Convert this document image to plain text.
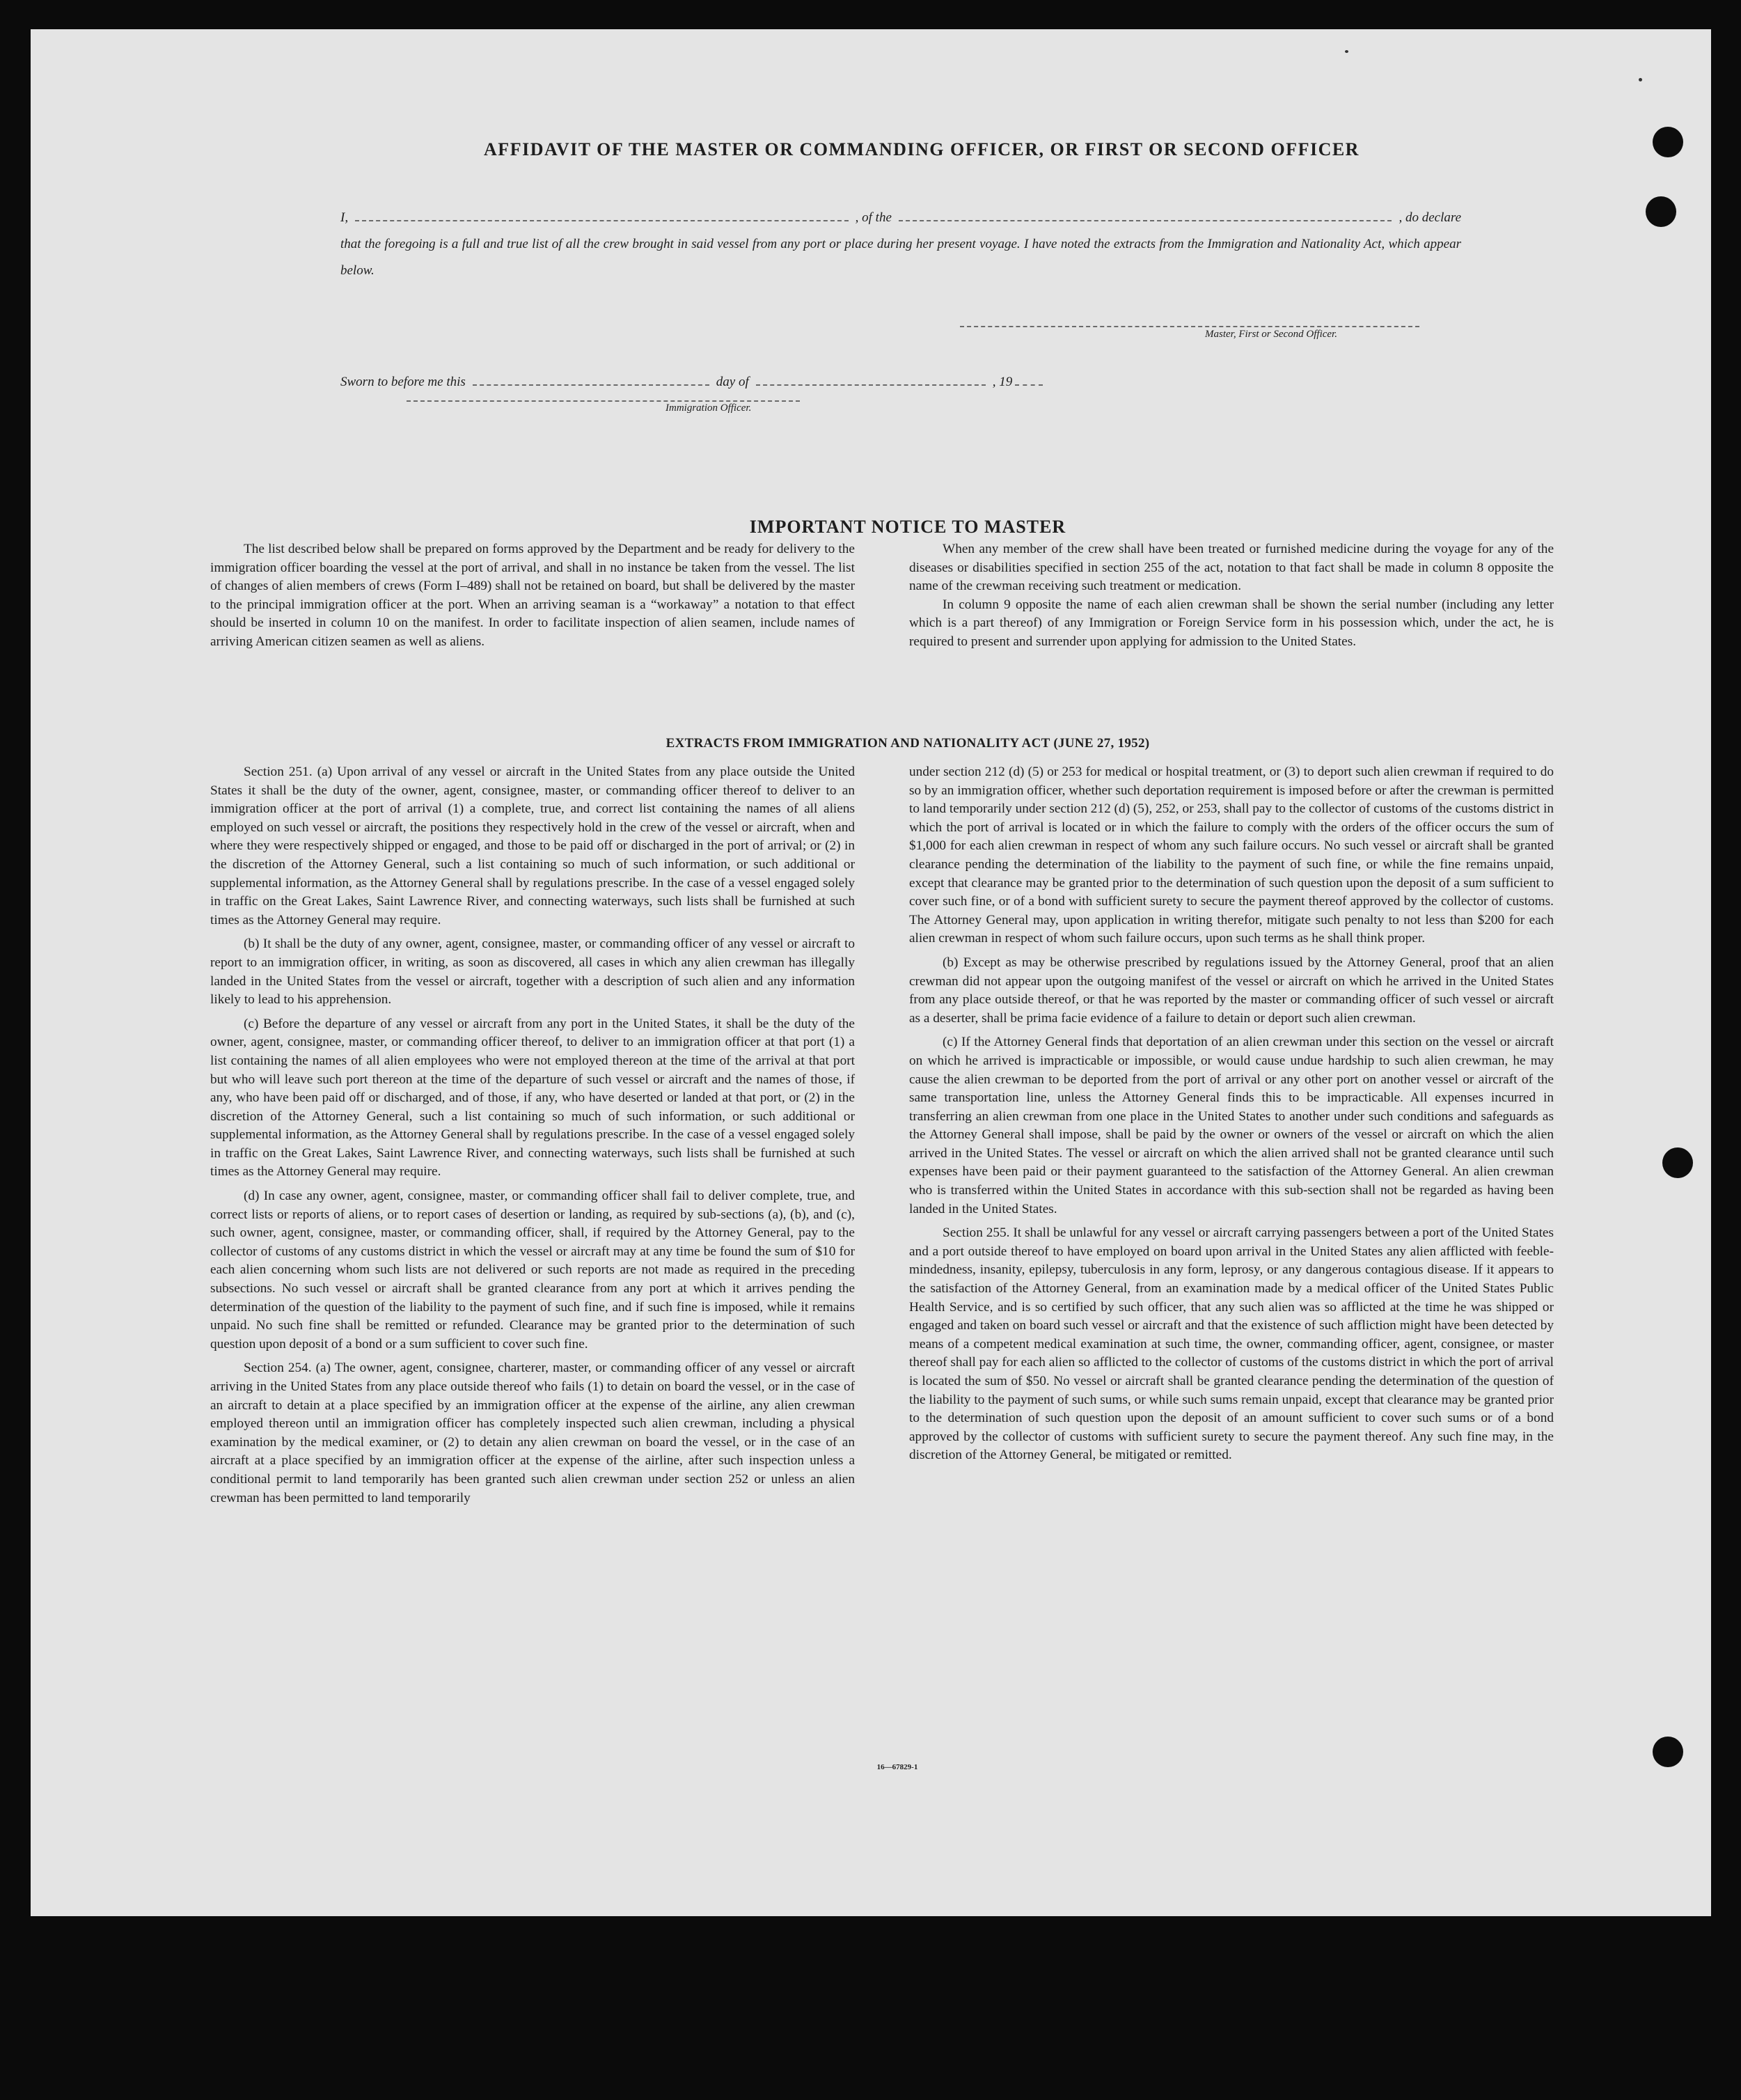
AFFIDAVIT OF THE MASTER OR COMMANDING OFFICER, OR FIRST OR SECOND OFFICER
I,	, of the	, do declare
that the foregoing is a full and true list of all the crew brought in said vessel from any port or place during her present voyage. I have noted the extracts from the Immigration and Nationality Act, which appear below.
Master, First or Second Officer.
Sworn to before me this	day of	, 19
Immigration Officer.
IMPORTANT NOTICE TO MASTER

The list described below shall be prepared on forms approved by the Department and be ready for delivery to the immigration officer boarding the vessel at the port of arrival, and shall in no instance be taken from the vessel. The list of changes of alien members of crews (Form I–489) shall not be retained on board, but shall be delivered by the master to the principal immigration officer at the port. When an arriving seaman is a “workaway” a notation to that effect should be inserted in column 10 on the manifest. In order to facilitate inspection of alien seamen, include names of arriving American citizen seamen as well as aliens.

When any member of the crew shall have been treated or furnished medicine during the voyage for any of the diseases or disabilities specified in section 255 of the act, notation to that fact shall be made in column 8 opposite the name of the crewman receiving such treatment or medication.

In column 9 opposite the name of each alien crewman shall be shown the serial number (including any letter which is a part thereof) of any Immigration or Foreign Service form in his possession which, under the act, he is required to present and surrender upon applying for admission to the United States.

EXTRACTS FROM IMMIGRATION AND NATIONALITY ACT (JUNE 27, 1952)

Section 251. (a) Upon arrival of any vessel or aircraft in the United States from any place outside the United States it shall be the duty of the owner, agent, consignee, master, or commanding officer thereof to deliver to an immigration officer at the port of arrival (1) a complete, true, and correct list containing the names of all aliens employed on such vessel or aircraft, the positions they respectively hold in the crew of the vessel or aircraft, when and where they were respectively shipped or engaged, and those to be paid off or discharged in the port of arrival; or (2) in the discretion of the Attorney General, such a list containing so much of such information, or such additional or supplemental information, as the Attorney General shall by regulations prescribe. In the case of a vessel engaged solely in traffic on the Great Lakes, Saint Lawrence River, and connecting waterways, such lists shall be furnished at such times as the Attorney General may require.

(b) It shall be the duty of any owner, agent, consignee, master, or commanding officer of any vessel or aircraft to report to an immigration officer, in writing, as soon as discovered, all cases in which any alien crewman has illegally landed in the United States from the vessel or aircraft, together with a description of such alien and any information likely to lead to his apprehension.

(c) Before the departure of any vessel or aircraft from any port in the United States, it shall be the duty of the owner, agent, consignee, master, or commanding officer thereof, to deliver to an immigration officer at that port (1) a list containing the names of all alien employees who were not employed thereon at the time of the arrival at that port but who will leave such port thereon at the time of the departure of such vessel or aircraft and the names of those, if any, who have been paid off or discharged, and of those, if any, who have deserted or landed at that port, or (2) in the discretion of the Attorney General, such a list containing so much of such information, or such additional or supplemental information, as the Attorney General shall by regulations prescribe. In the case of a vessel engaged solely in traffic on the Great Lakes, Saint Lawrence River, and connecting waterways, such lists shall be furnished at such times as the Attorney General may require.

(d) In case any owner, agent, consignee, master, or commanding officer shall fail to deliver complete, true, and correct lists or reports of aliens, or to report cases of desertion or landing, as required by sub-sections (a), (b), and (c), such owner, agent, consignee, master, or commanding officer, shall, if required by the Attorney General, pay to the collector of customs of any customs district in which the vessel or aircraft may at any time be found the sum of $10 for each alien concerning whom such lists are not delivered or such reports are not made as required in the preceding subsections. No such vessel or aircraft shall be granted clearance from any port at which it arrives pending the determination of the question of the liability to the payment of such fine, and if such fine is imposed, while it remains unpaid. No such fine shall be remitted or refunded. Clearance may be granted prior to the determination of such question upon deposit of a bond or a sum sufficient to cover such fine.

Section 254. (a) The owner, agent, consignee, charterer, master, or commanding officer of any vessel or aircraft arriving in the United States from any place outside thereof who fails (1) to detain on board the vessel, or in the case of an aircraft to detain at a place specified by an immigration officer at the expense of the airline, any alien crewman employed thereon until an immigration officer has completely inspected such alien crewman, including a physical examination by the medical examiner, or (2) to detain any alien crewman on board the vessel, or in the case of an aircraft at a place specified by an immigration officer at the expense of the airline, after such inspection unless a conditional permit to land temporarily has been granted such alien crewman under section 252 or unless an alien crewman has been permitted to land temporarily

under section 212 (d) (5) or 253 for medical or hospital treatment, or (3) to deport such alien crewman if required to do so by an immigration officer, whether such deportation requirement is imposed before or after the crewman is permitted to land temporarily under section 212 (d) (5), 252, or 253, shall pay to the collector of customs of the customs district in which the port of arrival is located or in which the failure to comply with the orders of the officer occurs the sum of $1,000 for each alien crewman in respect of whom any such failure occurs. No such vessel or aircraft shall be granted clearance pending the determination of the liability to the payment of such fine, or while the fine remains unpaid, except that clearance may be granted prior to the determination of such question upon the deposit of a sum sufficient to cover such fine, or of a bond with sufficient surety to secure the payment thereof approved by the collector of customs. The Attorney General may, upon application in writing therefor, mitigate such penalty to not less than $200 for each alien crewman in respect of whom such failure occurs, upon such terms as he shall think proper.

(b) Except as may be otherwise prescribed by regulations issued by the Attorney General, proof that an alien crewman did not appear upon the outgoing manifest of the vessel or aircraft on which he arrived in the United States from any place outside thereof, or that he was reported by the master or commanding officer of such vessel or aircraft as a deserter, shall be prima facie evidence of a failure to detain or deport such alien crewman.

(c) If the Attorney General finds that deportation of an alien crewman under this section on the vessel or aircraft on which he arrived is impracticable or impossible, or would cause undue hardship to such alien crewman, he may cause the alien crewman to be deported from the port of arrival or any other port on another vessel or aircraft of the same transportation line, unless the Attorney General finds this to be impracticable. All expenses incurred in transferring an alien crewman from one place in the United States to another under such conditions and safeguards as the Attorney General shall impose, shall be paid by the owner or owners of the vessel or aircraft on which the alien arrived in the United States. The vessel or aircraft on which the alien arrived shall not be granted clearance until such expenses have been paid or their payment guaranteed to the satisfaction of the Attorney General. An alien crewman who is transferred within the United States in accordance with this sub-section shall not be regarded as having been landed in the United States.

Section 255. It shall be unlawful for any vessel or aircraft carrying passengers between a port of the United States and a port outside thereof to have employed on board upon arrival in the United States any alien afflicted with feeble-mindedness, insanity, epilepsy, tuberculosis in any form, leprosy, or any dangerous contagious disease. If it appears to the satisfaction of the Attorney General, from an examination made by a medical officer of the United States Public Health Service, and is so certified by such officer, that any such alien was so afflicted at the time he was shipped or engaged and taken on board such vessel or aircraft and that the existence of such affliction might have been detected by means of a competent medical examination at such time, the owner, commanding officer, agent, consignee, or master thereof shall pay for each alien so afflicted to the collector of customs of the customs district in which the port of arrival is located the sum of $50. No vessel or aircraft shall be granted clearance pending the determination of the question of the liability to the payment of such sums, or while such sums remain unpaid, except that clearance may be granted prior to the determination of such question upon the deposit of an amount sufficient to cover such sums or of a bond approved by the collector of customs with sufficient surety to secure the payment thereof. Any such fine may, in the discretion of the Attorney General, be mitigated or remitted.

16—67829-1
